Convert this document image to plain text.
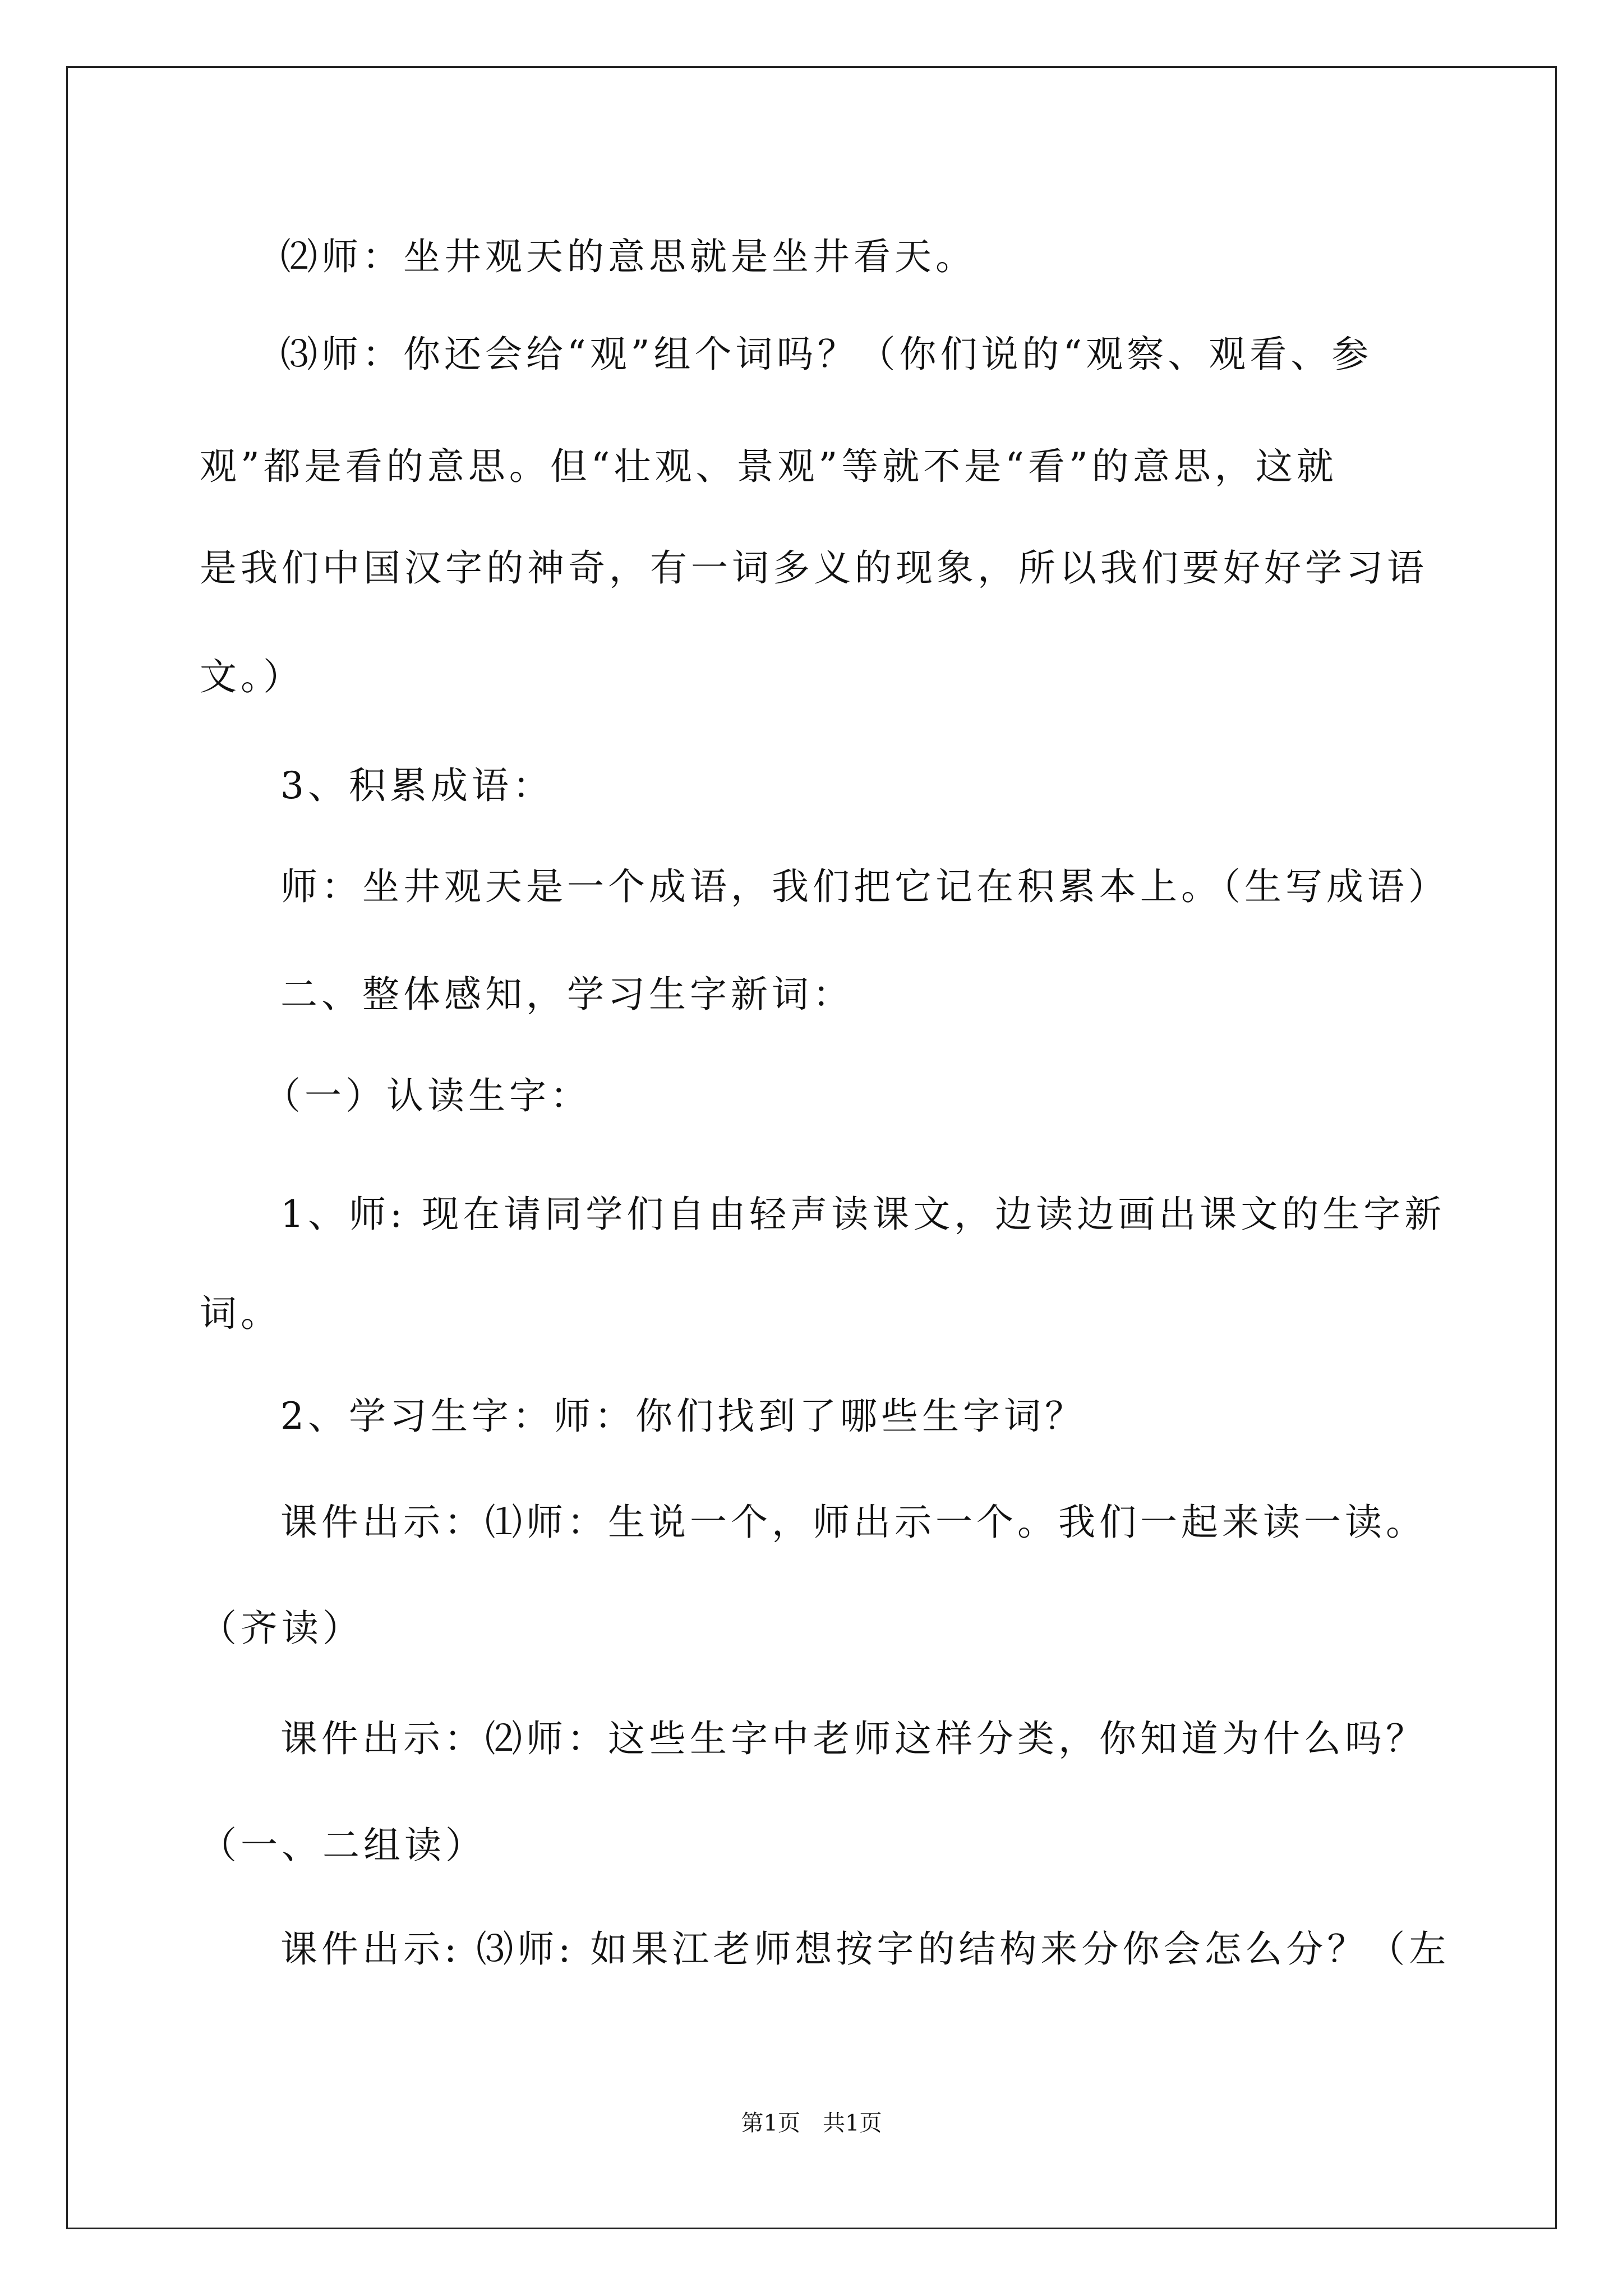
⑵师：坐井观天的意思就是坐井看天。

⑶师：你还会给“观”组个词吗？（你们说的“观察、观看、参

观”都是看的意思。但“壮观、景观”等就不是“看”的意思，这就

是我们中国汉字的神奇，有一词多义的现象，所以我们要好好学习语

文。）

3、积累成语：

师：坐井观天是一个成语，我们把它记在积累本上。（生写成语）

二、整体感知，学习生字新词：

（一）认读生字：

1、师: 现在请同学们自由轻声读课文，边读边画出课文的生字新

词。

2、学习生字：师：你们找到了哪些生字词？

课件出示：⑴师：生说一个，师出示一个。我们一起来读一读。

（齐读）

课件出示：⑵师：这些生字中老师这样分类，你知道为什么吗？

（一、二组读）

课件出示: ⑶师: 如果江老师想按字的结构来分你会怎么分？（左

第1页 共1页
